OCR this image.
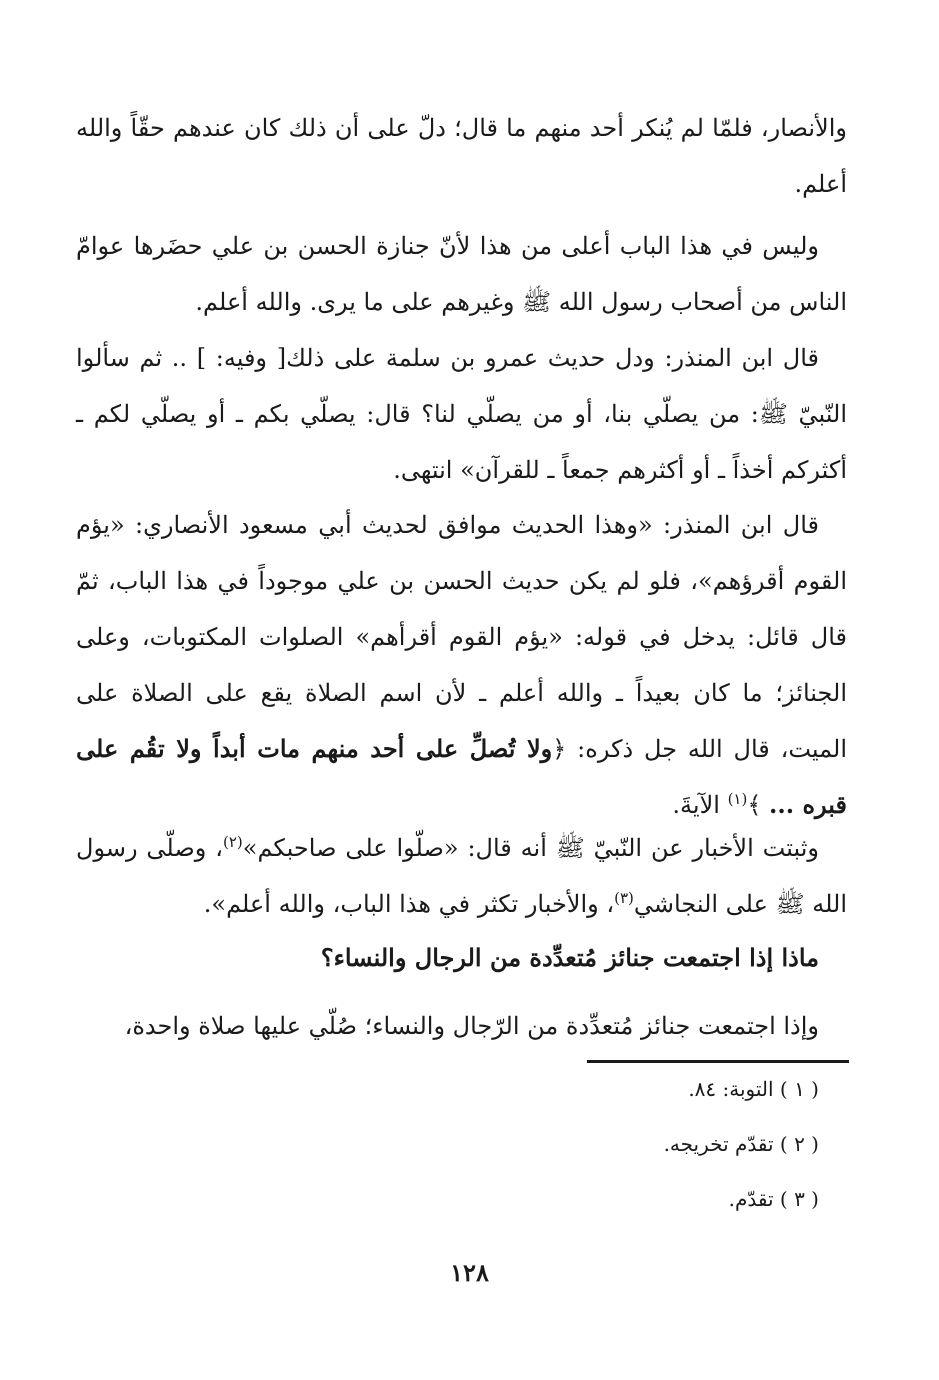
والأنصار، فلمّا لم يُنكر أحد منهم ما قال؛ دلّ على أن ذلك كان عندهم حقّاً والله أعلم.

وليس في هذا الباب أعلى من هذا لأنّ جنازة الحسن بن علي حضَرها عوامّ الناس من أصحاب رسول الله ﷺ وغيرهم على ما يرى. والله أعلم.

قال ابن المنذر: ودل حديث عمرو بن سلمة على ذلك[ وفيه: ] .. ثم سألوا النّبيّ ﷺ: من يصلّي بنا، أو من يصلّي لنا؟ قال: يصلّي بكم ـ أو يصلّي لكم ـ أكثركم أخذاً ـ أو أكثرهم جمعاً ـ للقرآن» انتهى.

قال ابن المنذر: «وهذا الحديث موافق لحديث أبي مسعود الأنصاري: «يؤم القوم أقرؤهم»، فلو لم يكن حديث الحسن بن علي موجوداً في هذا الباب، ثمّ قال قائل: يدخل في قوله: «يؤم القوم أقرأهم» الصلوات المكتوبات، وعلى الجنائز؛ ما كان بعيداً ـ والله أعلم ـ لأن اسم الصلاة يقع على الصلاة على الميت، قال الله جل ذكره: ﴿ولا تُصلِّ على أحد منهم مات أبداً ولا تقُم على قبره ... ﴾$^{(١)}$ الآيةَ.

وثبتت الأخبار عن النّبيّ ﷺ أنه قال: «صلّوا على صاحبكم»$^{(٢)}$، وصلّى رسول الله ﷺ على النجاشي$^{(٣)}$، والأخبار تكثر في هذا الباب، والله أعلم».

ماذا إذا اجتمعت جنائز مُتعدِّدة من الرجال والنساء؟

وإذا اجتمعت جنائز مُتعدِّدة من الرّجال والنساء؛ صُلّي عليها صلاة واحدة،

( ١ ) التوبة: ٨٤.
( ٢ ) تقدّم تخريجه.
( ٣ ) تقدّم.
١٢٨
